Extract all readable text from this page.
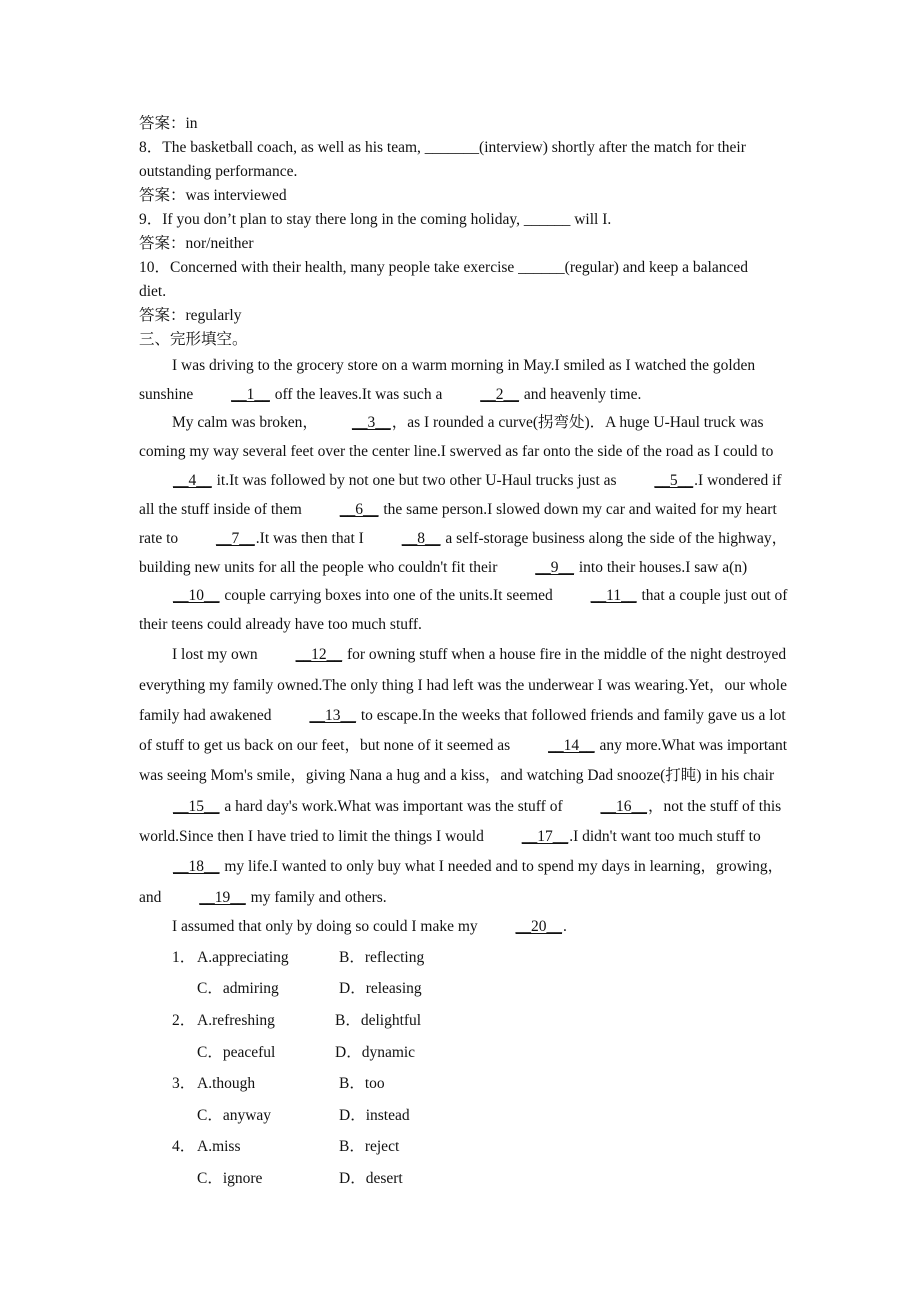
答案：in
8．The basketball coach, as well as his team, _______(interview) shortly after the match for their
outstanding performance.
答案：was interviewed
9．If you don’t plan to stay there long in the coming holiday, ______ will I.
答案：nor/neither
10．Concerned with their health, many people take exercise ______(regular) and keep a balanced
diet.
答案：regularly
三、完形填空。
I was driving to the grocery store on a warm morning in May.I smiled as I watched the golden sunshine __1__ off the leaves.It was such a __2__ and heavenly time.
My calm was broken， __3__，as I rounded a curve(拐弯处)．A huge U-Haul truck was coming my way several feet over the center line.I swerved as far onto the side of the road as I could to __4__ it.It was followed by not one but two other U-Haul trucks just as __5__.I wondered if all the stuff inside of them __6__ the same person.I slowed down my car and waited for my heart rate to __7__.It was then that I __8__ a self-storage business along the side of the highway，building new units for all the people who couldn't fit their __9__ into their houses.I saw a(n)__10__ couple carrying boxes into one of the units.It seemed __11__ that a couple just out of their teens could already have too much stuff.
I lost my own __12__ for owning stuff when a house fire in the middle of the night destroyed everything my family owned.The only thing I had left was the underwear I was wearing.Yet，our whole family had awakened __13__ to escape.In the weeks that followed friends and family gave us a lot of stuff to get us back on our feet，but none of it seemed as __14__ any more.What was important was seeing Mom's smile，giving Nana a hug and a kiss，and watching Dad snooze(打盹) in his chair __15__ a hard day's work.What was important was the stuff of __16__，not the stuff of this world.Since then I have tried to limit the things I would __17__.I didn't want too much stuff to __18__ my life.I wanted to only buy what I needed and to spend my days in learning，growing，and __19__ my family and others.
I assumed that only by doing so could I make my __20__.
1． A.appreciating	B．reflecting
C．admiring	D．releasing
2． A.refreshing	B．delightful
C．peaceful	D．dynamic
3． A.though	B．too
C．anyway	D．instead
4． A.miss	B．reject
C．ignore	D．desert
